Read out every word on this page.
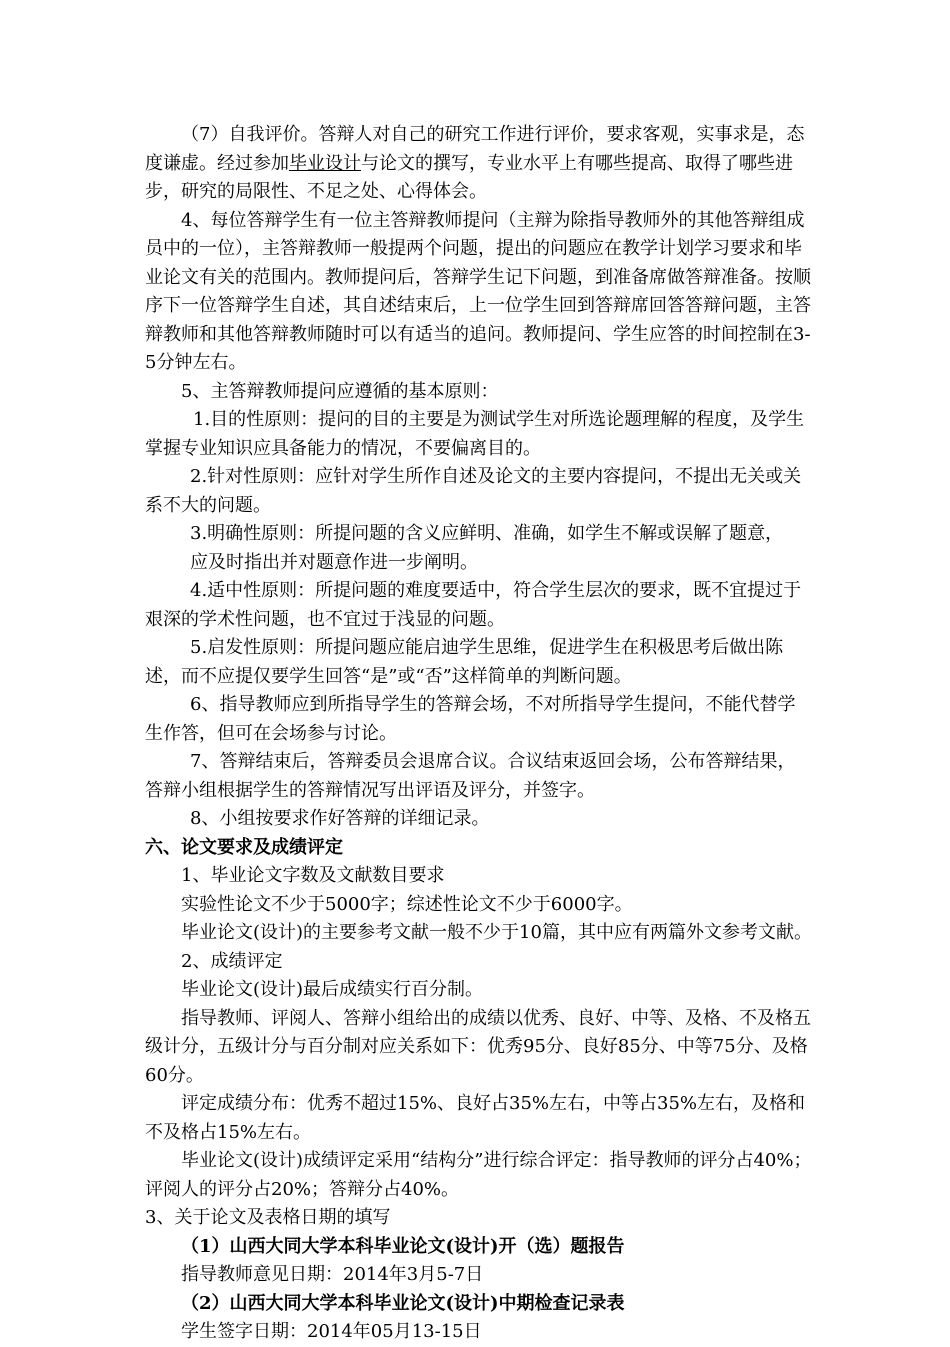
（7）自我评价。答辩人对自己的研究工作进行评价，要求客观，实事求是，态度谦虚。经过参加毕业设计与论文的撰写，专业水平上有哪些提高、取得了哪些进步，研究的局限性、不足之处、心得体会。

4、每位答辩学生有一位主答辩教师提问（主辩为除指导教师外的其他答辩组成员中的一位），主答辩教师一般提两个问题，提出的问题应在教学计划学习要求和毕业论文有关的范围内。教师提问后，答辩学生记下问题，到准备席做答辩准备。按顺序下一位答辩学生自述，其自述结束后，上一位学生回到答辩席回答答辩问题，主答辩教师和其他答辩教师随时可以有适当的追问。教师提问、学生应答的时间控制在3-5分钟左右。

5、主答辩教师提问应遵循的基本原则：

1.目的性原则：提问的目的主要是为测试学生对所选论题理解的程度，及学生掌握专业知识应具备能力的情况，不要偏离目的。

2.针对性原则：应针对学生所作自述及论文的主要内容提问，不提出无关或关系不大的问题。

3.明确性原则：所提问题的含义应鲜明、准确，如学生不解或误解了题意，

应及时指出并对题意作进一步阐明。

4.适中性原则：所提问题的难度要适中，符合学生层次的要求，既不宜提过于艰深的学术性问题，也不宜过于浅显的问题。

5.启发性原则：所提问题应能启迪学生思维，促进学生在积极思考后做出陈述，而不应提仅要学生回答“是”或“否”这样简单的判断问题。

6、指导教师应到所指导学生的答辩会场，不对所指导学生提问，不能代替学生作答，但可在会场参与讨论。

7、答辩结束后，答辩委员会退席合议。合议结束返回会场，公布答辩结果，答辩小组根据学生的答辩情况写出评语及评分，并签字。

8、小组按要求作好答辩的详细记录。

六、论文要求及成绩评定

1、毕业论文字数及文献数目要求

实验性论文不少于5000字；综述性论文不少于6000字。

毕业论文(设计)的主要参考文献一般不少于10篇，其中应有两篇外文参考文献。

2、成绩评定

毕业论文(设计)最后成绩实行百分制。

指导教师、评阅人、答辩小组给出的成绩以优秀、良好、中等、及格、不及格五级计分，五级计分与百分制对应关系如下：优秀95分、良好85分、中等75分、及格60分。

评定成绩分布：优秀不超过15%、良好占35%左右，中等占35%左右，及格和不及格占15%左右。

毕业论文(设计)成绩评定采用“结构分”进行综合评定：指导教师的评分占40%；评阅人的评分占20%；答辩分占40%。

3、关于论文及表格日期的填写

（1）山西大同大学本科毕业论文(设计)开（选）题报告

指导教师意见日期：2014年3月5-7日

（2）山西大同大学本科毕业论文(设计)中期检查记录表

学生签字日期：2014年05月13-15日
